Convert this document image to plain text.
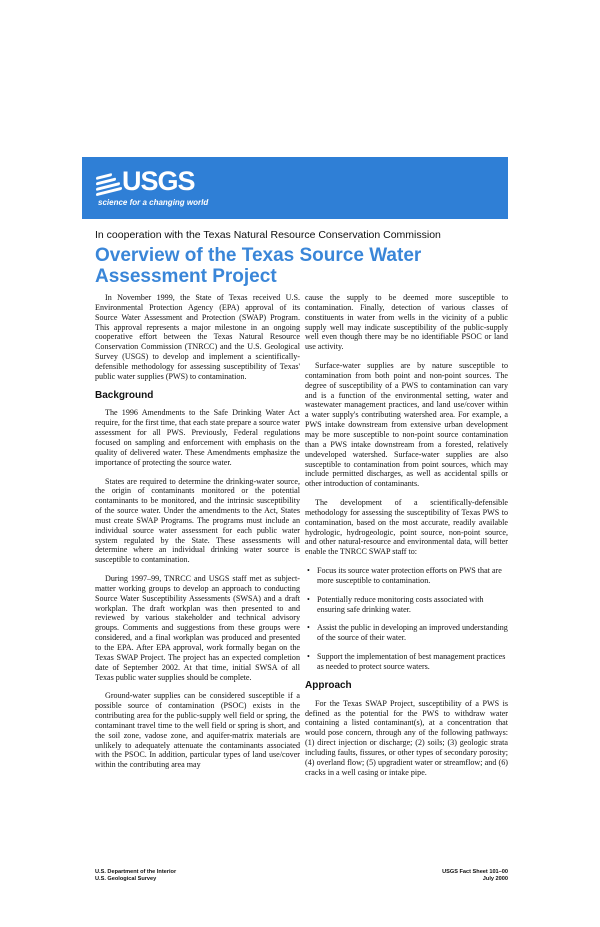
USGS
science for a changing world
In cooperation with the Texas Natural Resource Conservation Commission
Overview of the Texas Source Water Assessment Project

In November 1999, the State of Texas received U.S. Environmental Protection Agency (EPA) approval of its Source Water Assessment and Protection (SWAP) Program. This approval represents a major milestone in an ongoing cooperative effort between the Texas Natural Resource Conservation Commission (TNRCC) and the U.S. Geological Survey (USGS) to develop and implement a scientifically-defensible methodology for assessing susceptibility of Texas' public water supplies (PWS) to contamination.

Background

The 1996 Amendments to the Safe Drinking Water Act require, for the first time, that each state prepare a source water assessment for all PWS. Previously, Federal regulations focused on sampling and enforcement with emphasis on the quality of delivered water. These Amendments emphasize the importance of protecting the source water.

States are required to determine the drinking-water source, the origin of contaminants monitored or the potential contaminants to be monitored, and the intrinsic susceptibility of the source water. Under the amendments to the Act, States must create SWAP Programs. The programs must include an individual source water assessment for each public water system regulated by the State. These assessments will determine where an individual drinking water source is susceptible to contamination.

During 1997–99, TNRCC and USGS staff met as subject-matter working groups to develop an approach to conducting Source Water Susceptibility Assessments (SWSA) and a draft workplan. The draft workplan was then presented to and reviewed by various stakeholder and technical advisory groups. Comments and suggestions from these groups were considered, and a final workplan was produced and presented to the EPA. After EPA approval, work formally began on the Texas SWAP Project. The project has an expected completion date of September 2002. At that time, initial SWSA of all Texas public water supplies should be complete.

Ground-water supplies can be considered susceptible if a possible source of contamination (PSOC) exists in the contributing area for the public-supply well field or spring, the contaminant travel time to the well field or spring is short, and the soil zone, vadose zone, and aquifer-matrix materials are unlikely to adequately attenuate the contaminants associated with the PSOC. In addition, particular types of land use/cover within the contributing area may

cause the supply to be deemed more susceptible to contamination. Finally, detection of various classes of constituents in water from wells in the vicinity of a public supply well may indicate susceptibility of the public-supply well even though there may be no identifiable PSOC or land use activity.

Surface-water supplies are by nature susceptible to contamination from both point and non-point sources. The degree of susceptibility of a PWS to contamination can vary and is a function of the environmental setting, water and wastewater management practices, and land use/cover within a water supply's contributing watershed area. For example, a PWS intake downstream from extensive urban development may be more susceptible to non-point source contamination than a PWS intake downstream from a forested, relatively undeveloped watershed. Surface-water supplies are also susceptible to contamination from point sources, which may include permitted discharges, as well as accidental spills or other introduction of contaminants.

The development of a scientifically-defensible methodology for assessing the susceptibility of Texas PWS to contamination, based on the most accurate, readily available hydrologic, hydrogeologic, point source, non-point source, and other natural-resource and environmental data, will better enable the TNRCC SWAP staff to:

• Focus its source water protection efforts on PWS that are more susceptible to contamination.
• Potentially reduce monitoring costs associated with ensuring safe drinking water.
• Assist the public in developing an improved understanding of the source of their water.
• Support the implementation of best management practices as needed to protect source waters.
Approach

For the Texas SWAP Project, susceptibility of a PWS is defined as the potential for the PWS to withdraw water containing a listed contaminant(s), at a concentration that would pose concern, through any of the following pathways: (1) direct injection or discharge; (2) soils; (3) geologic strata including faults, fissures, or other types of secondary porosity; (4) overland flow; (5) upgradient water or streamflow; and (6) cracks in a well casing or intake pipe.

U.S. Department of the Interior
U.S. Geological Survey
USGS Fact Sheet 101–00
July 2000
